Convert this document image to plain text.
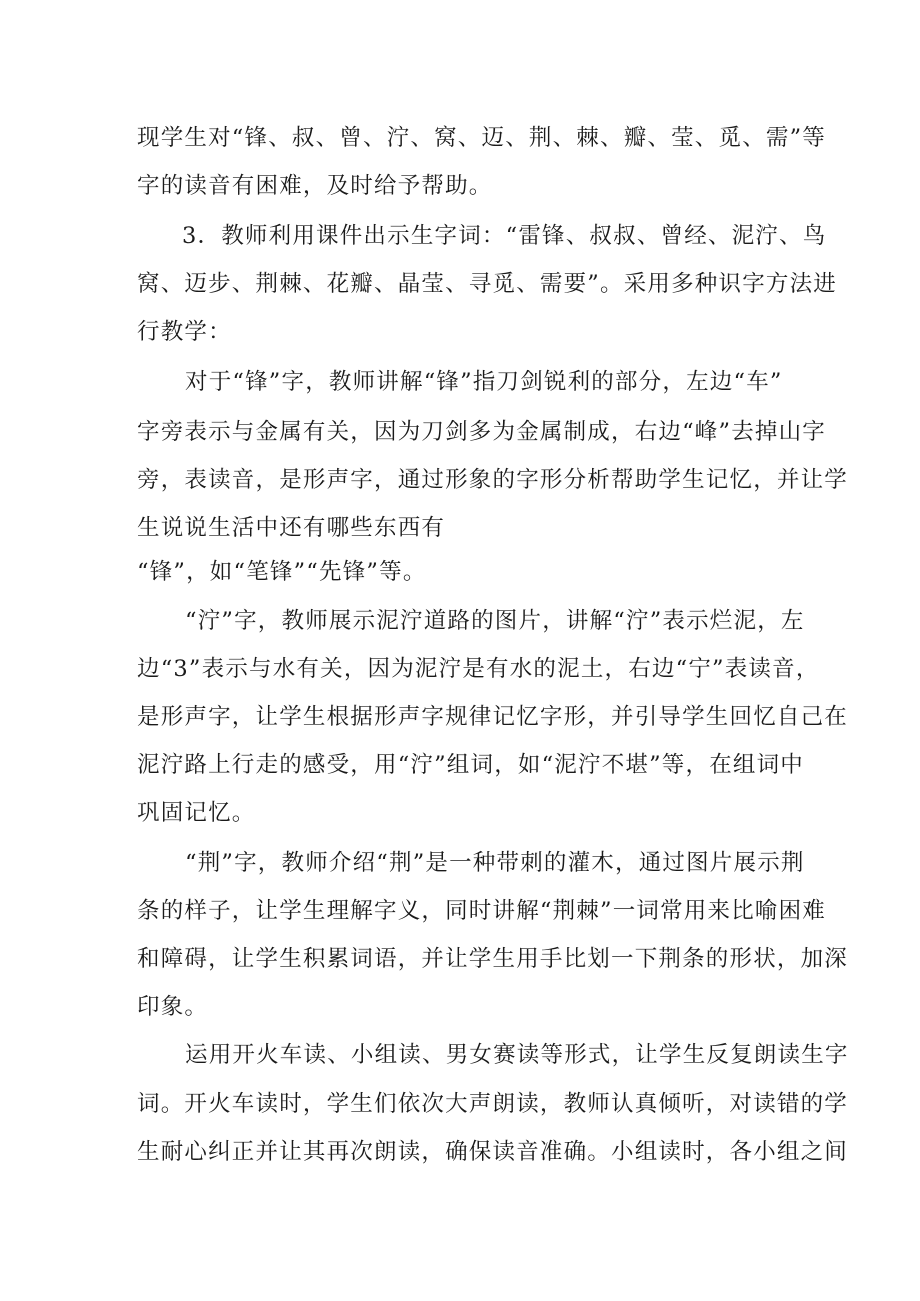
现学生对“锋、叔、曾、泞、窝、迈、荆、棘、瓣、莹、觅、需”等
字的读音有困难，及时给予帮助。
3．教师利用课件出示生字词：“雷锋、叔叔、曾经、泥泞、鸟
窝、迈步、荆棘、花瓣、晶莹、寻觅、需要”。采用多种识字方法进
行教学：
对于“锋”字，教师讲解“锋”指刀剑锐利的部分，左边“车”
字旁表示与金属有关，因为刀剑多为金属制成，右边“峰”去掉山字
旁，表读音，是形声字，通过形象的字形分析帮助学生记忆，并让学
生说说生活中还有哪些东西有
“锋”，如“笔锋”“先锋”等。
“泞”字，教师展示泥泞道路的图片，讲解“泞”表示烂泥，左
边“3”表示与水有关，因为泥泞是有水的泥土，右边“宁”表读音，
是形声字，让学生根据形声字规律记忆字形，并引导学生回忆自己在
泥泞路上行走的感受，用“泞”组词，如“泥泞不堪”等，在组词中
巩固记忆。
“荆”字，教师介绍“荆”是一种带刺的灌木，通过图片展示荆
条的样子，让学生理解字义，同时讲解“荆棘”一词常用来比喻困难
和障碍，让学生积累词语，并让学生用手比划一下荆条的形状，加深
印象。
运用开火车读、小组读、男女赛读等形式，让学生反复朗读生字
词。开火车读时，学生们依次大声朗读，教师认真倾听，对读错的学
生耐心纠正并让其再次朗读，确保读音准确。小组读时，各小组之间
